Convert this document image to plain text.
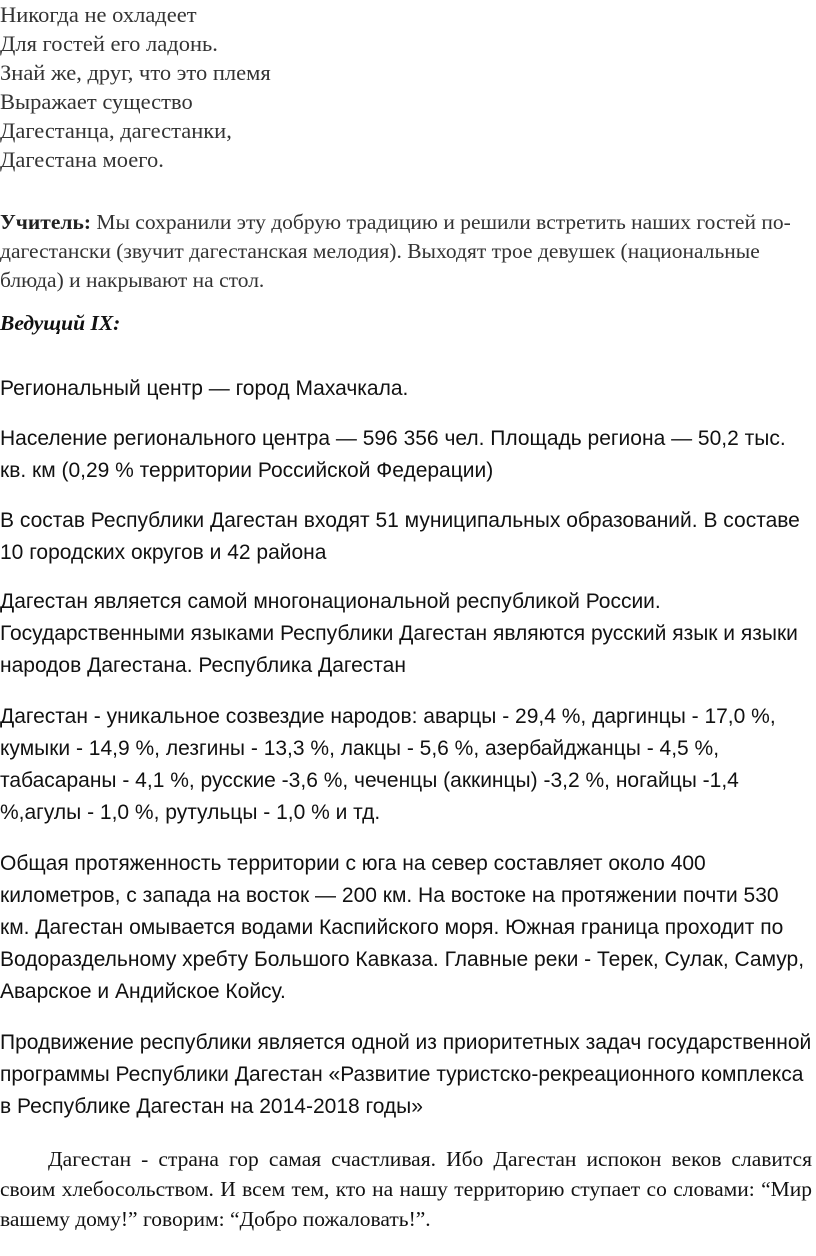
Никогда не охладеет
Для гостей его ладонь.
Знай же, друг, что это племя
Выражает существо
Дагестанца, дагестанки,
Дагестана моего.
Учитель: Мы сохранили эту добрую традицию и решили встретить наших гостей по-дагестански (звучит дагестанская мелодия). Выходят трое девушек (национальные блюда) и накрывают на стол.
Ведущий IX:
Региональный центр — город Махачкала.
Население регионального центра — 596 356 чел. Площадь региона — 50,2 тыс. кв. км (0,29 % территории Российской Федерации)
В состав Республики Дагестан входят 51 муниципальных образований. В составе 10 городских округов и 42 района
Дагестан является самой многонациональной республикой России. Государственными языками Республики Дагестан являются русский язык и языки народов Дагестана. Республика Дагестан
Дагестан - уникальное созвездие народов: аварцы - 29,4 %, даргинцы - 17,0 %, кумыки - 14,9 %, лезгины - 13,3 %, лакцы - 5,6 %, азербайджанцы - 4,5 %, табасараны - 4,1 %, русские -3,6 %, чеченцы (аккинцы) -3,2 %, ногайцы -1,4 %,агулы - 1,0 %, рутульцы - 1,0 % и тд.
Общая протяженность территории с юга на север составляет около 400 километров, с запада на восток — 200 км. На востоке на протяжении почти 530 км. Дагестан омывается водами Каспийского моря. Южная граница проходит по Водораздельному хребту Большого Кавказа. Главные реки - Терек, Сулак, Самур, Аварское и Андийское Койсу.
Продвижение республики является одной из приоритетных задач государственной программы Республики Дагестан «Развитие туристско-рекреационного комплекса в Республике Дагестан на 2014-2018 годы»
Дагестан - страна гор самая счастливая. Ибо Дагестан испокон веков славится своим хлебосольством. И всем тем, кто на нашу территорию ступает со словами: “Мир вашему дому!” говорим: “Добро пожаловать!”.
